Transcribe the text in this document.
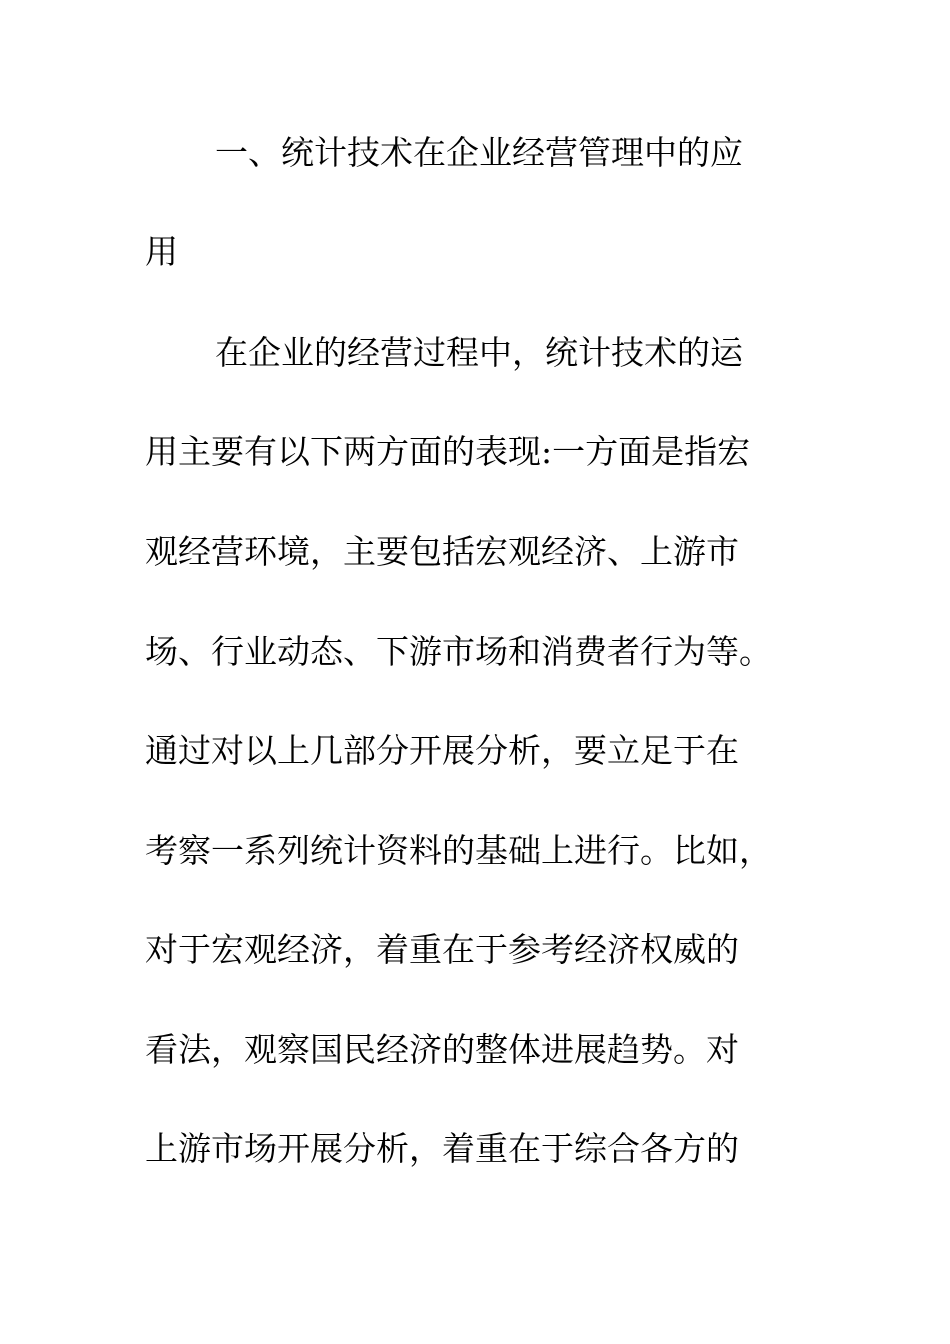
一、统计技术在企业经营管理中的应

用

在企业的经营过程中，统计技术的运

用主要有以下两方面的表现:一方面是指宏

观经营环境，主要包括宏观经济、上游市

场、行业动态、下游市场和消费者行为等。

通过对以上几部分开展分析，要立足于在

考察一系列统计资料的基础上进行。比如，

对于宏观经济，着重在于参考经济权威的

看法，观察国民经济的整体进展趋势。对

上游市场开展分析，着重在于综合各方的
